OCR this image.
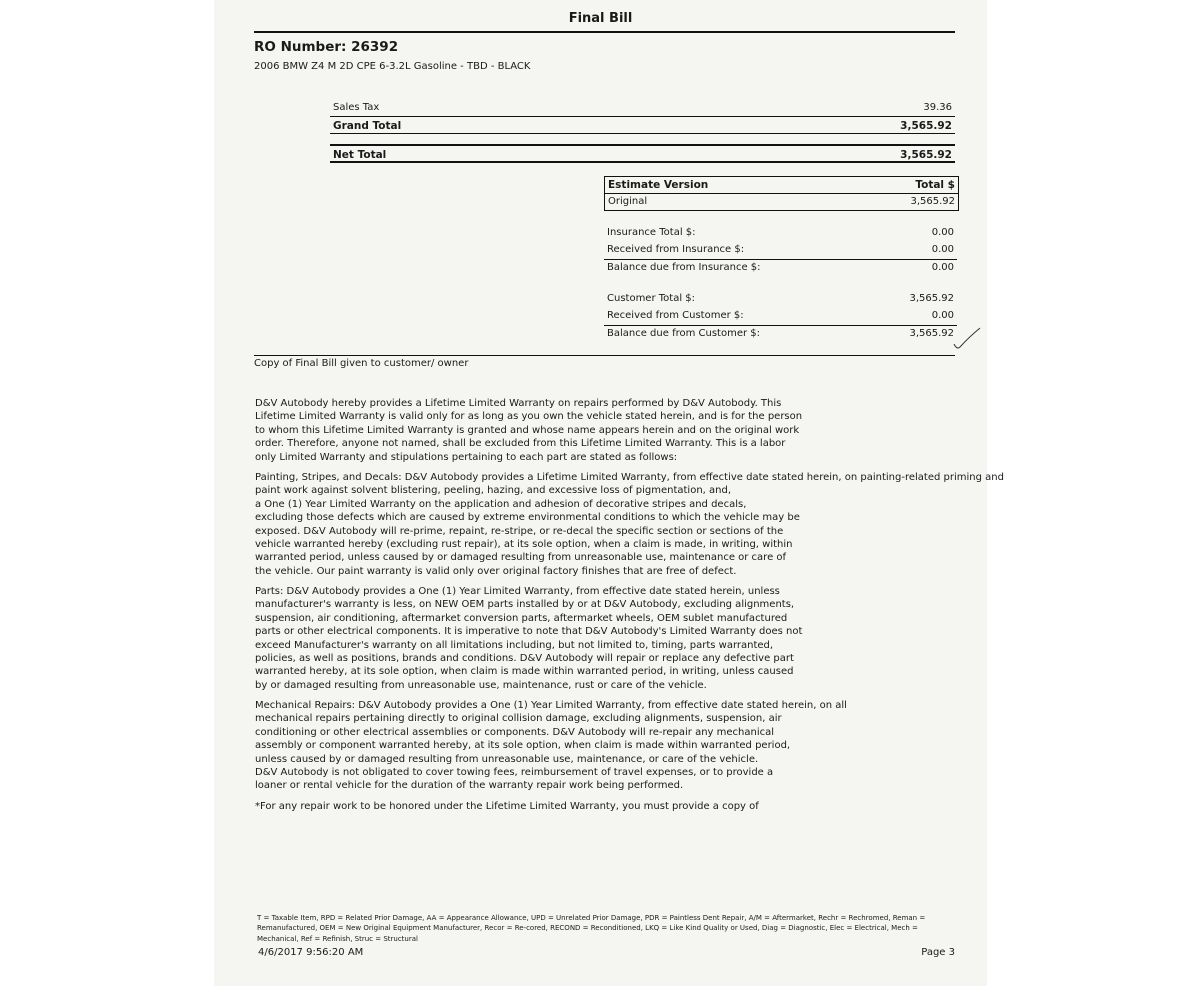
Final Bill
RO Number: 26392
2006 BMW Z4 M 2D CPE 6-3.2L Gasoline - TBD - BLACK
Sales Tax	39.36
Grand Total	3,565.92
Net Total	3,565.92
Estimate Version	Total $
Original	3,565.92
Insurance Total $:	0.00
Received from Insurance $:	0.00
Balance due from Insurance $:	0.00
Customer Total $:	3,565.92
Received from Customer $:	0.00
Balance due from Customer $:	3,565.92
Copy of Final Bill given to customer/ owner
D&V Autobody hereby provides a Lifetime Limited Warranty on repairs performed by D&V Autobody. This
Lifetime Limited Warranty is valid only for as long as you own the vehicle stated herein, and is for the person
to whom this Lifetime Limited Warranty is granted and whose name appears herein and on the original work
order. Therefore, anyone not named, shall be excluded from this Lifetime Limited Warranty. This is a labor
only Limited Warranty and stipulations pertaining to each part are stated as follows:
Painting, Stripes, and Decals: D&V Autobody provides a Lifetime Limited Warranty, from effective date stated herein, on painting-related priming and
paint work against solvent blistering, peeling, hazing, and excessive loss of pigmentation, and,
a One (1) Year Limited Warranty on the application and adhesion of decorative stripes and decals,
excluding those defects which are caused by extreme environmental conditions to which the vehicle may be
exposed. D&V Autobody will re-prime, repaint, re-stripe, or re-decal the specific section or sections of the
vehicle warranted hereby (excluding rust repair), at its sole option, when a claim is made, in writing, within
warranted period, unless caused by or damaged resulting from unreasonable use, maintenance or care of
the vehicle. Our paint warranty is valid only over original factory finishes that are free of defect.
Parts: D&V Autobody provides a One (1) Year Limited Warranty, from effective date stated herein, unless
manufacturer's warranty is less, on NEW OEM parts installed by or at D&V Autobody, excluding alignments,
suspension, air conditioning, aftermarket conversion parts, aftermarket wheels, OEM sublet manufactured
parts or other electrical components. It is imperative to note that D&V Autobody's Limited Warranty does not
exceed Manufacturer's warranty on all limitations including, but not limited to, timing, parts warranted,
policies, as well as positions, brands and conditions. D&V Autobody will repair or replace any defective part
warranted hereby, at its sole option, when claim is made within warranted period, in writing, unless caused
by or damaged resulting from unreasonable use, maintenance, rust or care of the vehicle.
Mechanical Repairs: D&V Autobody provides a One (1) Year Limited Warranty, from effective date stated herein, on all
mechanical repairs pertaining directly to original collision damage, excluding alignments, suspension, air
conditioning or other electrical assemblies or components. D&V Autobody will re-repair any mechanical
assembly or component warranted hereby, at its sole option, when claim is made within warranted period,
unless caused by or damaged resulting from unreasonable use, maintenance, or care of the vehicle.
D&V Autobody is not obligated to cover towing fees, reimbursement of travel expenses, or to provide a
loaner or rental vehicle for the duration of the warranty repair work being performed.
*For any repair work to be honored under the Lifetime Limited Warranty, you must provide a copy of
T = Taxable Item, RPD = Related Prior Damage, AA = Appearance Allowance, UPD = Unrelated Prior Damage, PDR = Paintless Dent Repair, A/M = Aftermarket, Rechr = Rechromed, Reman =
Remanufactured, OEM = New Original Equipment Manufacturer, Recor = Re-cored, RECOND = Reconditioned, LKQ = Like Kind Quality or Used, Diag = Diagnostic, Elec = Electrical, Mech =
Mechanical, Ref = Refinish, Struc = Structural
4/6/2017 9:56:20 AM	Page 3
